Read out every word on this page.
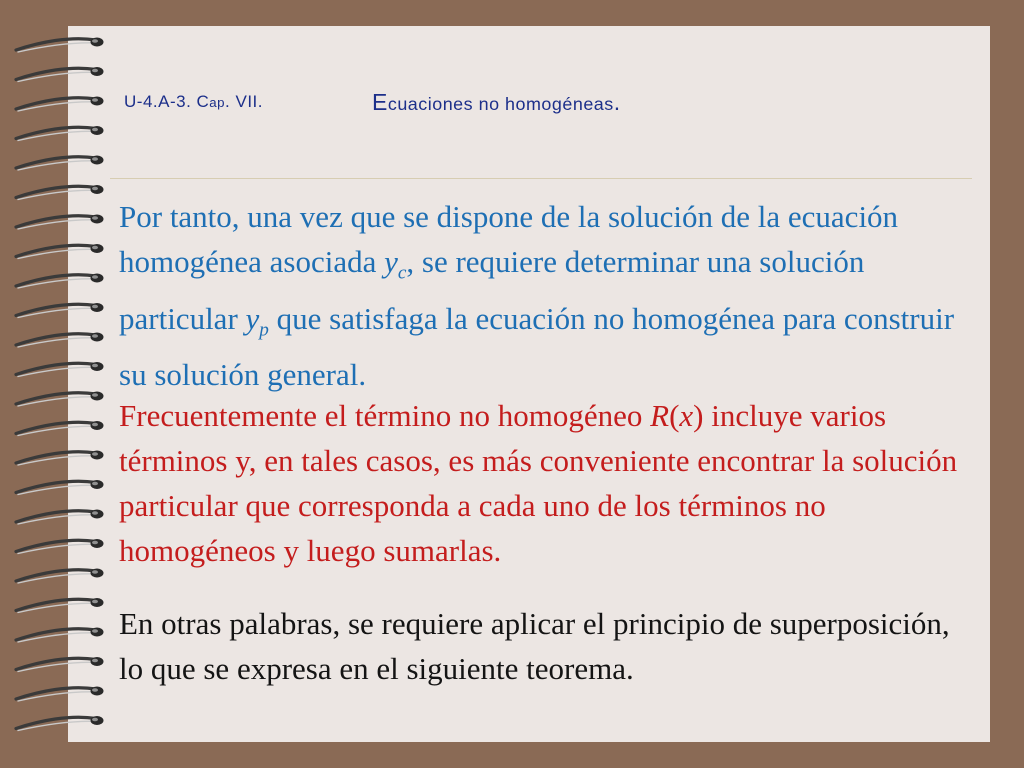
U-4.A-3. Cap. VII.	Ecuaciones no homogéneas.

Por tanto, una vez que se dispone de la solución de la ecuación homogénea asociada $y_c$, se requiere determinar una solución particular $y_p$ que satisfaga la ecuación no homogénea para construir su solución general.

Frecuentemente el término no homogéneo R(x) incluye varios términos y, en tales casos, es más conveniente encontrar la solución particular que corresponda a cada uno de los términos no homogéneos y luego sumarlas.

En otras palabras, se requiere aplicar el principio de superposición, lo que se expresa en el siguiente teorema.
